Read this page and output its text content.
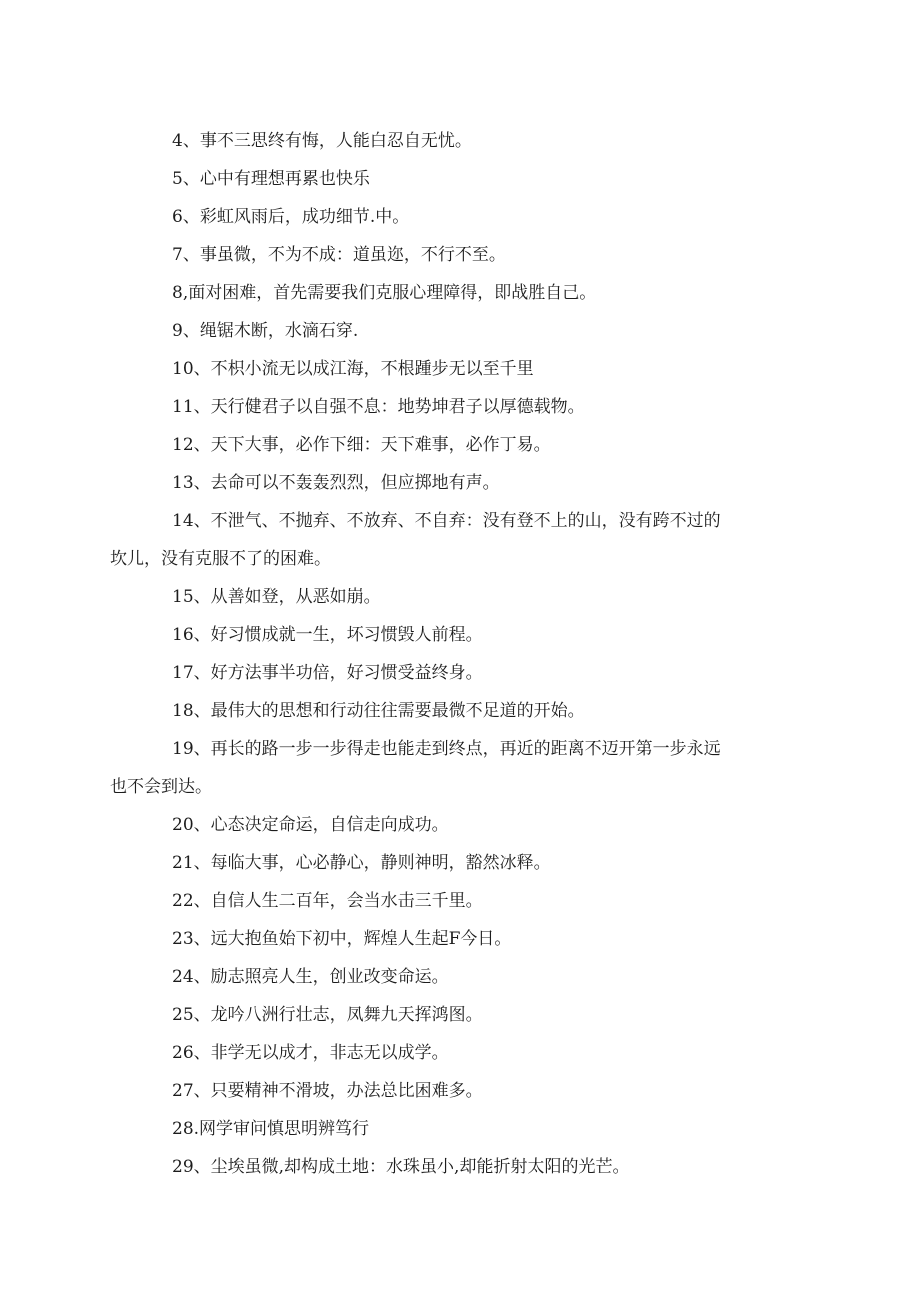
4、事不三思终有悔，人能白忍自无忧。

5、心中有理想再累也快乐

6、彩虹风雨后，成功细节.中。

7、事虽微，不为不成：道虽迩，不行不至。

8,面对困难，首先需要我们克服心理障得，即战胜自己。

9、绳锯木断，水滴石穿.

10、不枳小流无以成江海，不根踵步无以至千里

11、天行健君子以自强不息：地势坤君子以厚德载物。

12、天下大事，必作下细：天下难事，必作丁易。

13、去命可以不轰轰烈烈，但应掷地有声。

14、不泄气、不抛弃、不放弃、不自弃：没有登不上的山，没有跨不过的
坎儿，没有克服不了的困难。

15、从善如登，从恶如崩。

16、好习惯成就一生，坏习惯毁人前程。

17、好方法事半功倍，好习惯受益终身。

18、最伟大的思想和行动往往需要最微不足道的开始。

19、再长的路一步一步得走也能走到终点，再近的距离不迈开第一步永远
也不会到达。

20、心态决定命运，自信走向成功。

21、每临大事，心必静心，静则神明，豁然冰释。

22、自信人生二百年，会当水击三千里。

23、远大抱鱼始下初中，辉煌人生起F今日。

24、励志照亮人生，创业改变命运。

25、龙吟八洲行壮志，凤舞九天挥鸿图。

26、非学无以成才，非志无以成学。

27、只要精神不滑坡，办法总比困难多。

28.网学审问慎思明辨笃行

29、尘埃虽微,却构成土地：水珠虽小,却能折射太阳的光芒。
